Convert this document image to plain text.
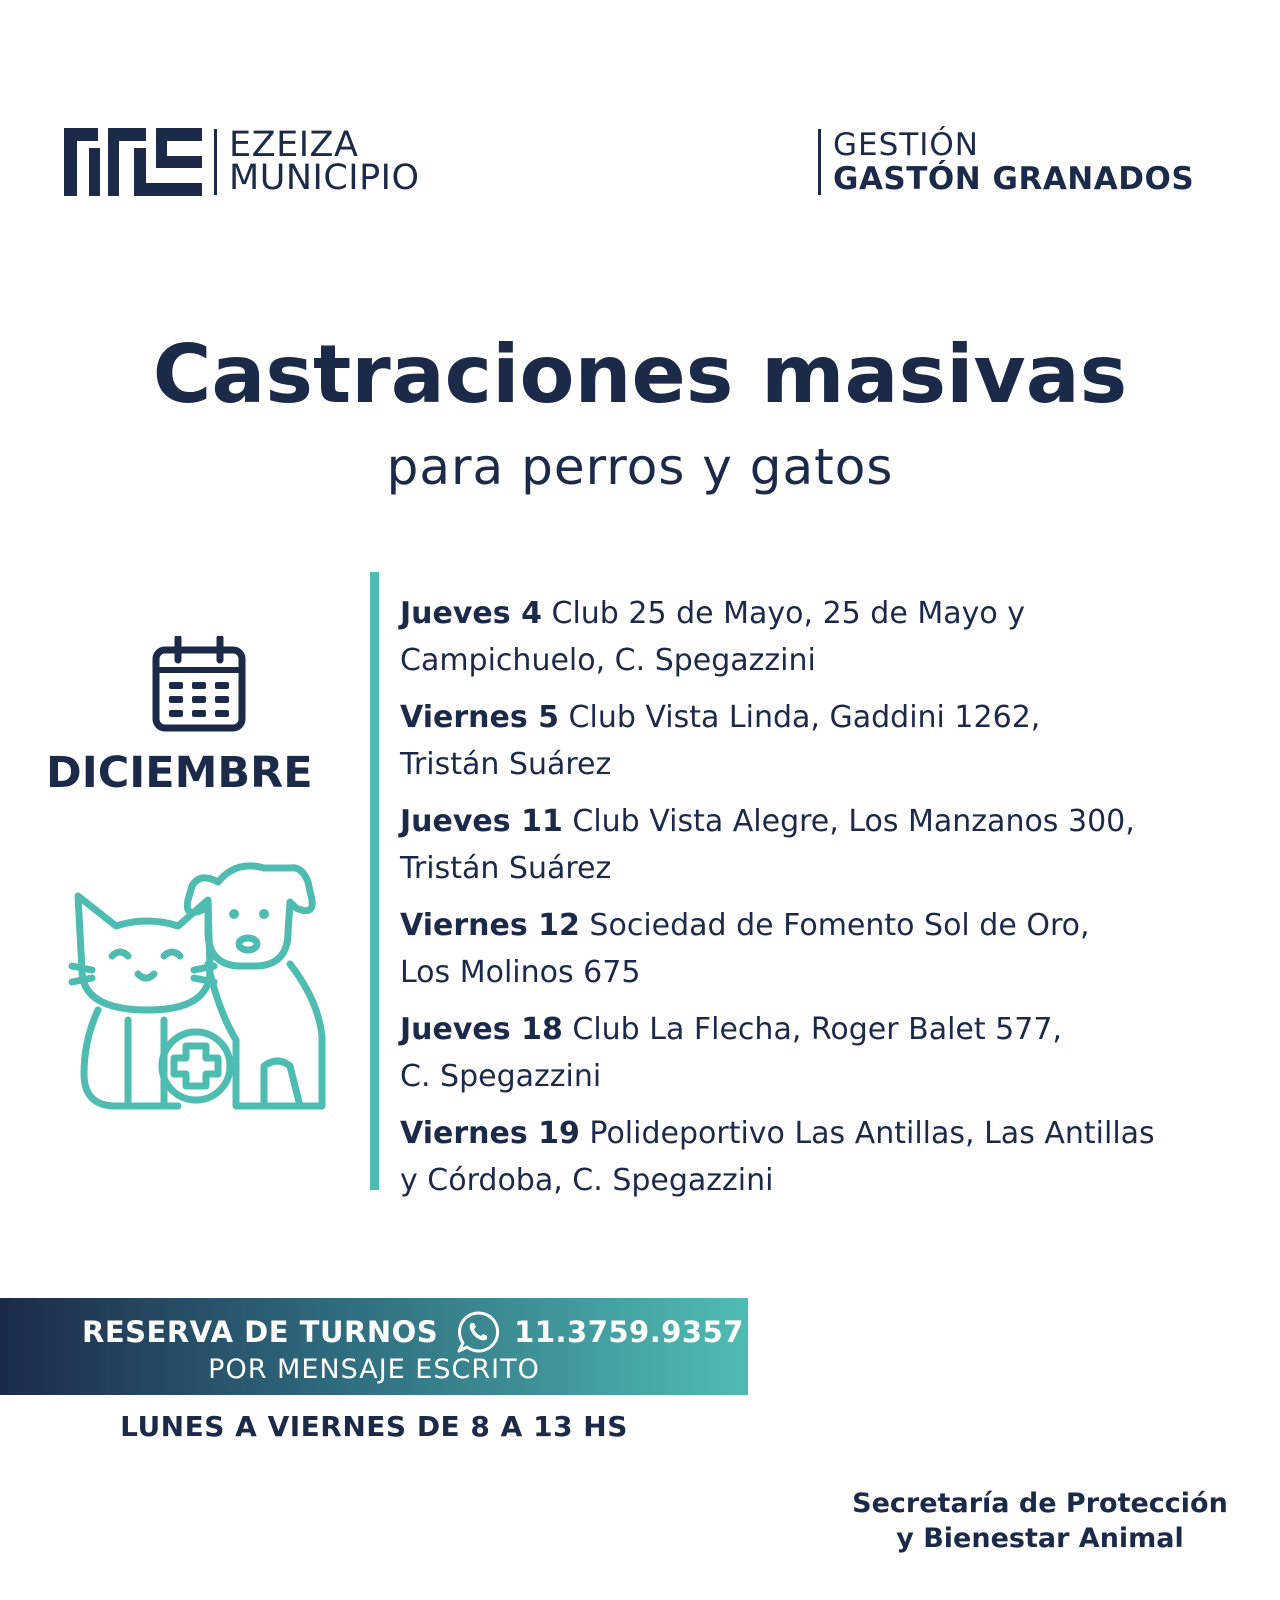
EZEIZA
MUNICIPIO
GESTIÓN
GASTÓN GRANADOS
Castraciones masivas
para perros y gatos
DICIEMBRE
Jueves 4 Club 25 de Mayo, 25 de Mayo y
Campichuelo, C. Spegazzini
Viernes 5 Club Vista Linda, Gaddini 1262,
Tristán Suárez
Jueves 11 Club Vista Alegre, Los Manzanos 300,
Tristán Suárez
Viernes 12 Sociedad de Fomento Sol de Oro,
Los Molinos 675
Jueves 18 Club La Flecha, Roger Balet 577,
C. Spegazzini
Viernes 19 Polideportivo Las Antillas, Las Antillas
y Córdoba, C. Spegazzini
RESERVA DE TURNOS	11.3759.9357
POR MENSAJE ESCRITO
LUNES A VIERNES DE 8 A 13 HS
Secretaría de Protección
y Bienestar Animal
